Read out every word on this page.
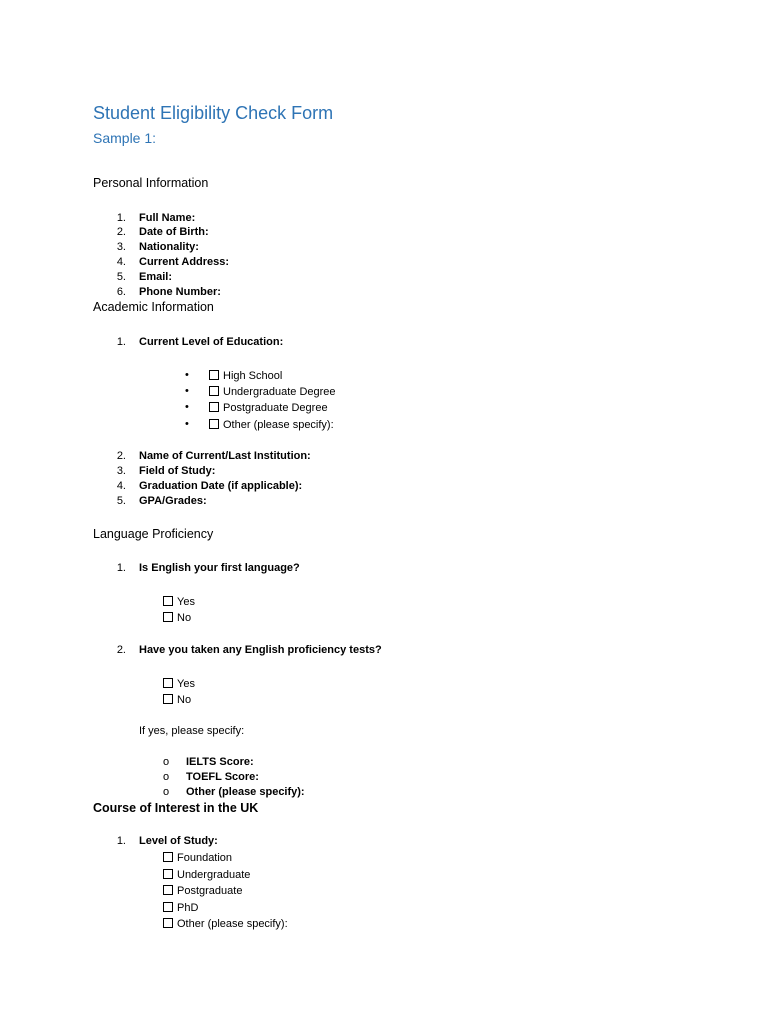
Student Eligibility Check Form
Sample 1:
Personal Information
1. Full Name:
2. Date of Birth:
3. Nationality:
4. Current Address:
5. Email:
6. Phone Number:
Academic Information
1. Current Level of Education:
•	High School
•	Undergraduate Degree
•	Postgraduate Degree
•	Other (please specify):
2. Name of Current/Last Institution:
3. Field of Study:
4. Graduation Date (if applicable):
5. GPA/Grades:
Language Proficiency
1. Is English your first language?
Yes
No
2. Have you taken any English proficiency tests?
Yes
No
If yes, please specify:
o IELTS Score:
o TOEFL Score:
o Other (please specify):
Course of Interest in the UK
1. Level of Study:
Foundation
Undergraduate
Postgraduate
PhD
Other (please specify):
